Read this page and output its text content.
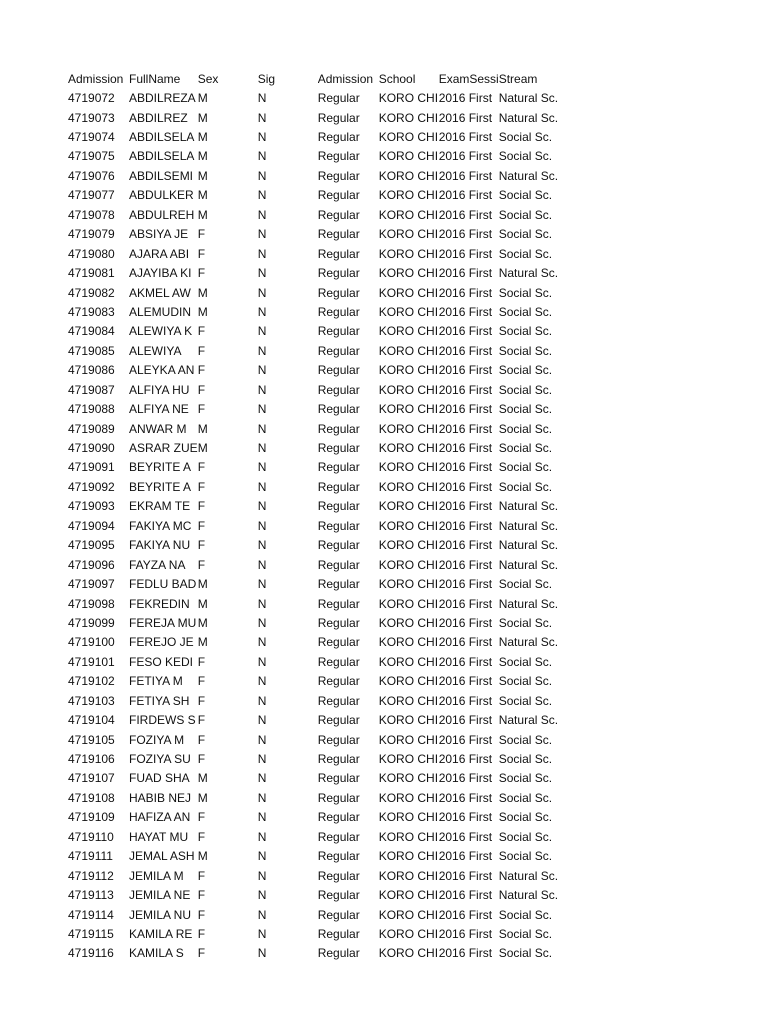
Admission	FullName	Sex	Sig	Admission	School	ExamSessi	Stream
4719072	ABDILREZA	M	N	Regular	KORO CHI	2016 First	Natural Sc.
4719073	ABDILREZ	M	N	Regular	KORO CHI	2016 First	Natural Sc.
4719074	ABDILSELA	M	N	Regular	KORO CHI	2016 First	Social Sc.
4719075	ABDILSELA	M	N	Regular	KORO CHI	2016 First	Social Sc.
4719076	ABDILSEMI	M	N	Regular	KORO CHI	2016 First	Natural Sc.
4719077	ABDULKER	M	N	Regular	KORO CHI	2016 First	Social Sc.
4719078	ABDULREH	M	N	Regular	KORO CHI	2016 First	Social Sc.
4719079	ABSIYA JE	F	N	Regular	KORO CHI	2016 First	Social Sc.
4719080	AJARA ABI	F	N	Regular	KORO CHI	2016 First	Social Sc.
4719081	AJAYIBA KI	F	N	Regular	KORO CHI	2016 First	Natural Sc.
4719082	AKMEL AW	M	N	Regular	KORO CHI	2016 First	Social Sc.
4719083	ALEMUDIN	M	N	Regular	KORO CHI	2016 First	Social Sc.
4719084	ALEWIYA K	F	N	Regular	KORO CHI	2016 First	Social Sc.
4719085	ALEWIYA	F	N	Regular	KORO CHI	2016 First	Social Sc.
4719086	ALEYKA AN	F	N	Regular	KORO CHI	2016 First	Social Sc.
4719087	ALFIYA HU	F	N	Regular	KORO CHI	2016 First	Social Sc.
4719088	ALFIYA NE	F	N	Regular	KORO CHI	2016 First	Social Sc.
4719089	ANWAR M	M	N	Regular	KORO CHI	2016 First	Social Sc.
4719090	ASRAR ZUE	M	N	Regular	KORO CHI	2016 First	Social Sc.
4719091	BEYRITE A	F	N	Regular	KORO CHI	2016 First	Social Sc.
4719092	BEYRITE A	F	N	Regular	KORO CHI	2016 First	Social Sc.
4719093	EKRAM TE	F	N	Regular	KORO CHI	2016 First	Natural Sc.
4719094	FAKIYA MC	F	N	Regular	KORO CHI	2016 First	Natural Sc.
4719095	FAKIYA NU	F	N	Regular	KORO CHI	2016 First	Natural Sc.
4719096	FAYZA NA	F	N	Regular	KORO CHI	2016 First	Natural Sc.
4719097	FEDLU BAD	M	N	Regular	KORO CHI	2016 First	Social Sc.
4719098	FEKREDIN	M	N	Regular	KORO CHI	2016 First	Natural Sc.
4719099	FEREJA MU	M	N	Regular	KORO CHI	2016 First	Social Sc.
4719100	FEREJO JE	M	N	Regular	KORO CHI	2016 First	Natural Sc.
4719101	FESO KEDI	F	N	Regular	KORO CHI	2016 First	Social Sc.
4719102	FETIYA M	F	N	Regular	KORO CHI	2016 First	Social Sc.
4719103	FETIYA SH	F	N	Regular	KORO CHI	2016 First	Social Sc.
4719104	FIRDEWS S	F	N	Regular	KORO CHI	2016 First	Natural Sc.
4719105	FOZIYA M	F	N	Regular	KORO CHI	2016 First	Social Sc.
4719106	FOZIYA SU	F	N	Regular	KORO CHI	2016 First	Social Sc.
4719107	FUAD SHA	M	N	Regular	KORO CHI	2016 First	Social Sc.
4719108	HABIB NEJ	M	N	Regular	KORO CHI	2016 First	Social Sc.
4719109	HAFIZA AN	F	N	Regular	KORO CHI	2016 First	Social Sc.
4719110	HAYAT MU	F	N	Regular	KORO CHI	2016 First	Social Sc.
4719111	JEMAL ASH	M	N	Regular	KORO CHI	2016 First	Social Sc.
4719112	JEMILA M	F	N	Regular	KORO CHI	2016 First	Natural Sc.
4719113	JEMILA NE	F	N	Regular	KORO CHI	2016 First	Natural Sc.
4719114	JEMILA NU	F	N	Regular	KORO CHI	2016 First	Social Sc.
4719115	KAMILA RE	F	N	Regular	KORO CHI	2016 First	Social Sc.
4719116	KAMILA S	F	N	Regular	KORO CHI	2016 First	Social Sc.
